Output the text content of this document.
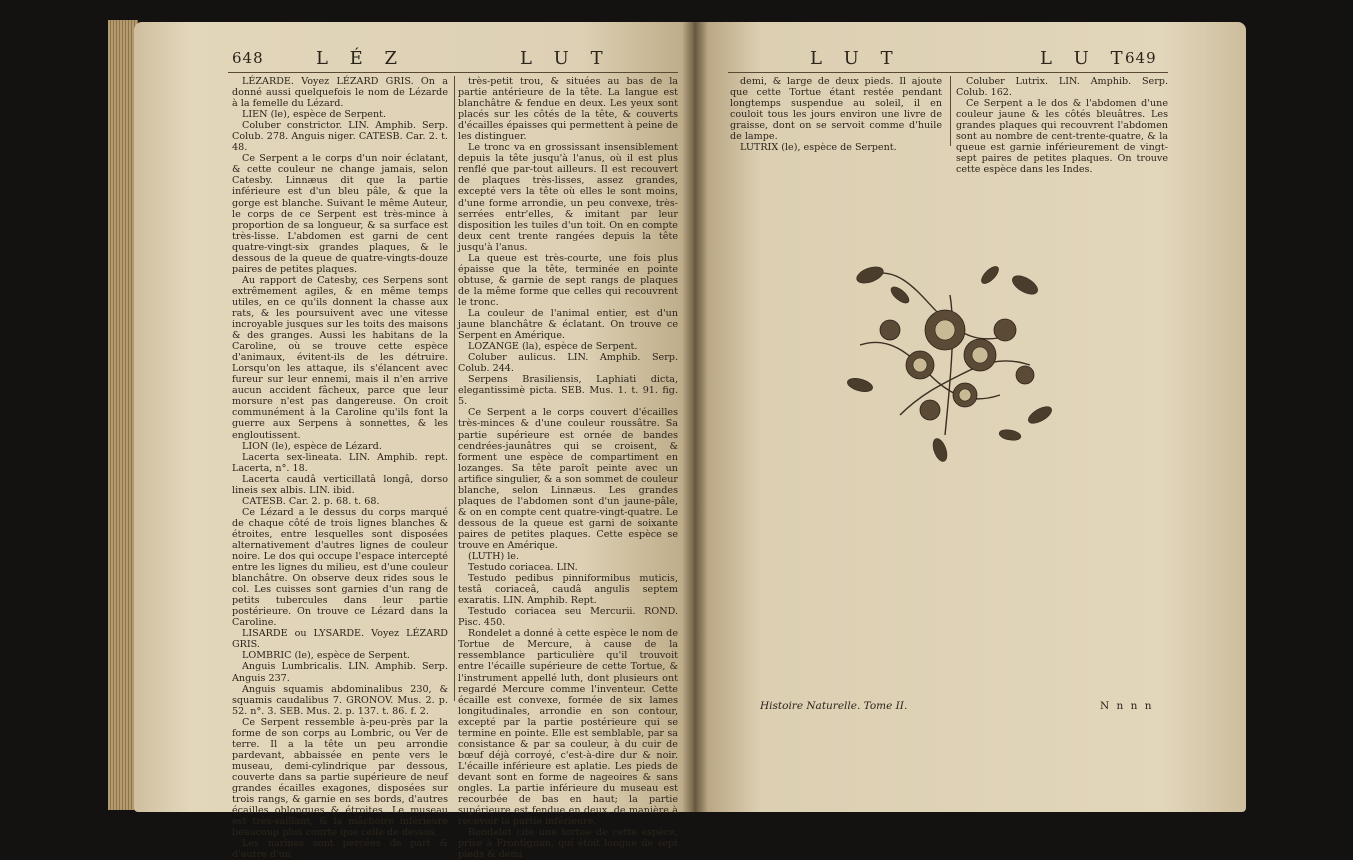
648	L É Z	L U T	L U T	L U T
649

LÉZARDE. Voyez LÉZARD GRIS. On a donné aussi quelquefois le nom de Lézarde à la femelle du Lézard.

LIEN (le), espèce de Serpent.

Coluber constrictor. LIN. Amphib. Serp. Colub. 278. Anguis niger. CATESB. Car. 2. t. 48.

Ce Serpent a le corps d'un noir éclatant, & cette couleur ne change jamais, selon Catesby. Linnæus dit que la partie inférieure est d'un bleu pâle, & que la gorge est blanche. Suivant le même Auteur, le corps de ce Serpent est très-mince à proportion de sa longueur, & sa surface est très-lisse. L'abdomen est garni de cent quatre-vingt-six grandes plaques, & le dessous de la queue de quatre-vingts-douze paires de petites plaques.

Au rapport de Catesby, ces Serpens sont extrêmement agiles, & en même temps utiles, en ce qu'ils donnent la chasse aux rats, & les poursuivent avec une vitesse incroyable jusques sur les toits des maisons & des granges. Aussi les habitans de la Caroline, où se trouve cette espèce d'animaux, évitent-ils de les détruire. Lorsqu'on les attaque, ils s'élancent avec fureur sur leur ennemi, mais il n'en arrive aucun accident fâcheux, parce que leur morsure n'est pas dangereuse. On croit communément à la Caroline qu'ils font la guerre aux Serpens à sonnettes, & les engloutissent.

LION (le), espèce de Lézard.

Lacerta sex-lineata. LIN. Amphib. rept. Lacerta, n°. 18.

Lacerta caudâ verticillatâ longâ, dorso lineis sex albis. LIN. ibid.

CATESB. Car. 2. p. 68. t. 68.

Ce Lézard a le dessus du corps marqué de chaque côté de trois lignes blanches & étroites, entre lesquelles sont disposées alternativement d'autres lignes de couleur noire. Le dos qui occupe l'espace intercepté entre les lignes du milieu, est d'une couleur blanchâtre. On observe deux rides sous le col. Les cuisses sont garnies d'un rang de petits tubercules dans leur partie postérieure. On trouve ce Lézard dans la Caroline.

LISARDE ou LYSARDE. Voyez LÉZARD GRIS.

LOMBRIC (le), espèce de Serpent.

Anguis Lumbricalis. LIN. Amphib. Serp. Anguis 237.

Anguis squamis abdominalibus 230, & squamis caudalibus 7. GRONOV. Mus. 2. p. 52. n°. 3. SEB. Mus. 2. p. 137. t. 86. f. 2.

Ce Serpent ressemble à-peu-près par la forme de son corps au Lombric, ou Ver de terre. Il a la tête un peu arrondie pardevant, abbaissée en pente vers le museau, demi-cylindrique par dessous, couverte dans sa partie supérieure de neuf grandes écailles exagones, disposées sur trois rangs, & garnie en ses bords, d'autres écailles oblongues & étroites. Le museau est très-saillant, & la mâchoire inférieure beaucoup plus courte que celle de dessus.

Les narines sont percées de part & d'autre d'un

très-petit trou, & situées au bas de la partie antérieure de la tête. La langue est blanchâtre & fendue en deux. Les yeux sont placés sur les côtés de la tête, & couverts d'écailles épaisses qui permettent à peine de les distinguer.

Le tronc va en grossissant insensiblement depuis la tête jusqu'à l'anus, où il est plus renflé que par-tout ailleurs. Il est recouvert de plaques très-lisses, assez grandes, excepté vers la tête où elles le sont moins, d'une forme arrondie, un peu convexe, très-serrées entr'elles, & imitant par leur disposition les tuiles d'un toit. On en compte deux cent trente rangées depuis la tête jusqu'à l'anus.

La queue est très-courte, une fois plus épaisse que la tête, terminée en pointe obtuse, & garnie de sept rangs de plaques de la même forme que celles qui recouvrent le tronc.

La couleur de l'animal entier, est d'un jaune blanchâtre & éclatant. On trouve ce Serpent en Amérique.

LOZANGE (la), espèce de Serpent.

Coluber aulicus. LIN. Amphib. Serp. Colub. 244.

Serpens Brasiliensis, Laphiati dicta, elegantissimè picta. SEB. Mus. 1. t. 91. fig. 5.

Ce Serpent a le corps couvert d'écailles très-minces & d'une couleur roussâtre. Sa partie supérieure est ornée de bandes cendrées-jaunâtres qui se croisent, & forment une espèce de compartiment en lozanges. Sa tête paroît peinte avec un artifice singulier, & a son sommet de couleur blanche, selon Linnæus. Les grandes plaques de l'abdomen sont d'un jaune-pâle, & on en compte cent quatre-vingt-quatre. Le dessous de la queue est garni de soixante paires de petites plaques. Cette espèce se trouve en Amérique.

(LUTH) le.

Testudo coriacea. LIN.

Testudo pedibus pinniformibus muticis, testâ coriaceâ, caudâ angulis septem exaratis. LIN. Amphib. Rept.

Testudo coriacea seu Mercurii. ROND. Pisc. 450.

Rondelet a donné à cette espèce le nom de Tortue de Mercure, à cause de la ressemblance particulière qu'il trouvoit entre l'écaille supérieure de cette Tortue, & l'instrument appellé luth, dont plusieurs ont regardé Mercure comme l'inventeur. Cette écaille est convexe, formée de six lames longitudinales, arrondie en son contour, excepté par la partie postérieure qui se termine en pointe. Elle est semblable, par sa consistance & par sa couleur, à du cuir de bœuf déjà corroyé, c'est-à-dire dur & noir. L'écaille inférieure est aplatie. Les pieds de devant sont en forme de nageoires & sans ongles. La partie inférieure du museau est recourbée de bas en haut; la partie supérieure est fendue en deux, de manière à recevoir la partie inférieure.

Rondelet cite une tortue de cette espèce, prise à Frontignan, qui étoit longue de sept pieds & demi

demi, & large de deux pieds. Il ajoute que cette Tortue étant restée pendant longtemps suspendue au soleil, il en couloit tous les jours environ une livre de graisse, dont on se servoit comme d'huile de lampe.

LUTRIX (le), espèce de Serpent.

Coluber Lutrix. LIN. Amphib. Serp. Colub. 162.

Ce Serpent a le dos & l'abdomen d'une couleur jaune & les côtés bleuâtres. Les grandes plaques qui recouvrent l'abdomen sont au nombre de cent-trente-quatre, & la queue est garnie inférieurement de vingt-sept paires de petites plaques. On trouve cette espèce dans les Indes.

Histoire Naturelle. Tome II.	N n n n
